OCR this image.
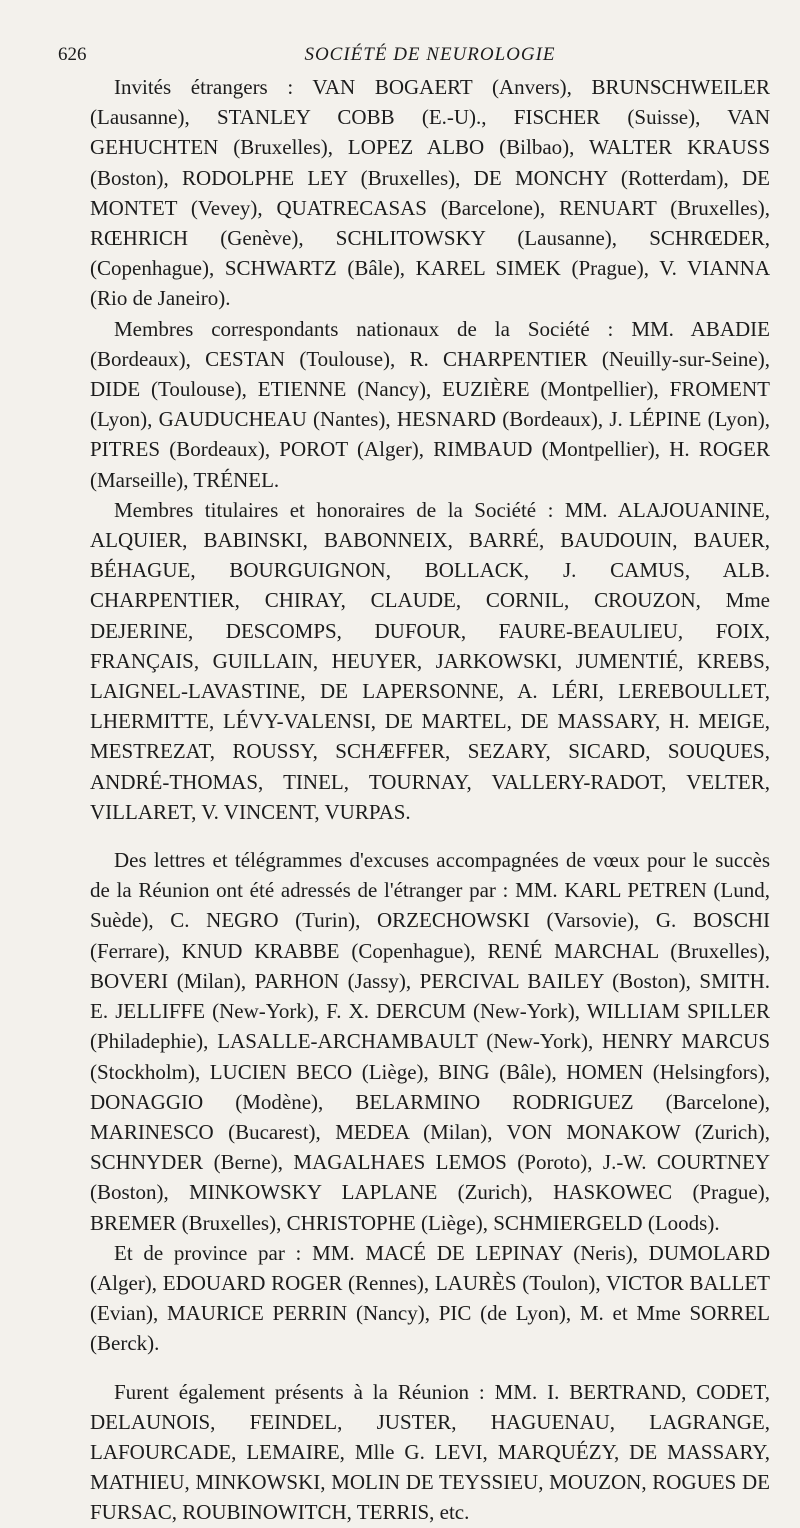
626	SOCIÉTÉ DE NEUROLOGIE

Invités étrangers : VAN BOGAERT (Anvers), BRUNSCHWEILER (Lausanne), STANLEY COBB (E.-U)., FISCHER (Suisse), VAN GEHUCHTEN (Bruxelles), LOPEZ ALBO (Bilbao), WALTER KRAUSS (Boston), RODOLPHE LEY (Bruxelles), DE MONCHY (Rotterdam), DE MONTET (Vevey), QUATRECASAS (Barcelone), RENUART (Bruxelles), RŒHRICH (Genève), SCHLITOWSKY (Lausanne), SCHRŒDER, (Copenhague), SCHWARTZ (Bâle), KAREL SIMEK (Prague), V. VIANNA (Rio de Janeiro).

Membres correspondants nationaux de la Société : MM. ABADIE (Bordeaux), CESTAN (Toulouse), R. CHARPENTIER (Neuilly-sur-Seine), DIDE (Toulouse), ETIENNE (Nancy), EUZIÈRE (Montpellier), FROMENT (Lyon), GAUDUCHEAU (Nantes), HESNARD (Bordeaux), J. LÉPINE (Lyon), PITRES (Bordeaux), POROT (Alger), RIMBAUD (Montpellier), H. ROGER (Marseille), TRÉNEL.

Membres titulaires et honoraires de la Société : MM. ALAJOUANINE, ALQUIER, BABINSKI, BABONNEIX, BARRÉ, BAUDOUIN, BAUER, BÉHAGUE, BOURGUIGNON, BOLLACK, J. CAMUS, ALB. CHARPENTIER, CHIRAY, CLAUDE, CORNIL, CROUZON, Mme DEJERINE, DESCOMPS, DUFOUR, FAURE-BEAULIEU, FOIX, FRANÇAIS, GUILLAIN, HEUYER, JARKOWSKI, JUMENTIÉ, KREBS, LAIGNEL-LAVASTINE, DE LAPERSONNE, A. LÉRI, LEREBOULLET, LHERMITTE, LÉVY-VALENSI, DE MARTEL, DE MASSARY, H. MEIGE, MESTREZAT, ROUSSY, SCHÆFFER, SEZARY, SICARD, SOUQUES, ANDRÉ-THOMAS, TINEL, TOURNAY, VALLERY-RADOT, VELTER, VILLARET, V. VINCENT, VURPAS.

Des lettres et télégrammes d'excuses accompagnées de vœux pour le succès de la Réunion ont été adressés de l'étranger par : MM. KARL PETREN (Lund, Suède), C. NEGRO (Turin), ORZECHOWSKI (Varsovie), G. BOSCHI (Ferrare), KNUD KRABBE (Copenhague), RENÉ MARCHAL (Bruxelles), BOVERI (Milan), PARHON (Jassy), PERCIVAL BAILEY (Boston), SMITH. E. JELLIFFE (New-York), F. X. DERCUM (New-York), WILLIAM SPILLER (Philadephie), LASALLE-ARCHAMBAULT (New-York), HENRY MARCUS (Stockholm), LUCIEN BECO (Liège), BING (Bâle), HOMEN (Helsingfors), DONAGGIO (Modène), BELARMINO RODRIGUEZ (Barcelone), MARINESCO (Bucarest), MEDEA (Milan), VON MONAKOW (Zurich), SCHNYDER (Berne), MAGALHAES LEMOS (Poroto), J.-W. COURTNEY (Boston), MINKOWSKY LAPLANE (Zurich), HASKOWEC (Prague), BREMER (Bruxelles), CHRISTOPHE (Liège), SCHMIERGELD (Loods).

Et de province par : MM. MACÉ DE LEPINAY (Neris), DUMOLARD (Alger), EDOUARD ROGER (Rennes), LAURÈS (Toulon), VICTOR BALLET (Evian), MAURICE PERRIN (Nancy), PIC (de Lyon), M. et Mme SORREL (Berck).

Furent également présents à la Réunion : MM. I. BERTRAND, CODET, DELAUNOIS, FEINDEL, JUSTER, HAGUENAU, LAGRANGE, LAFOURCADE, LEMAIRE, Mlle G. LEVI, MARQUÉZY, DE MASSARY, MATHIEU, MINKOWSKI, MOLIN DE TEYSSIEU, MOUZON, ROGUES DE FURSAC, ROUBINOWITCH, TERRIS, etc.
